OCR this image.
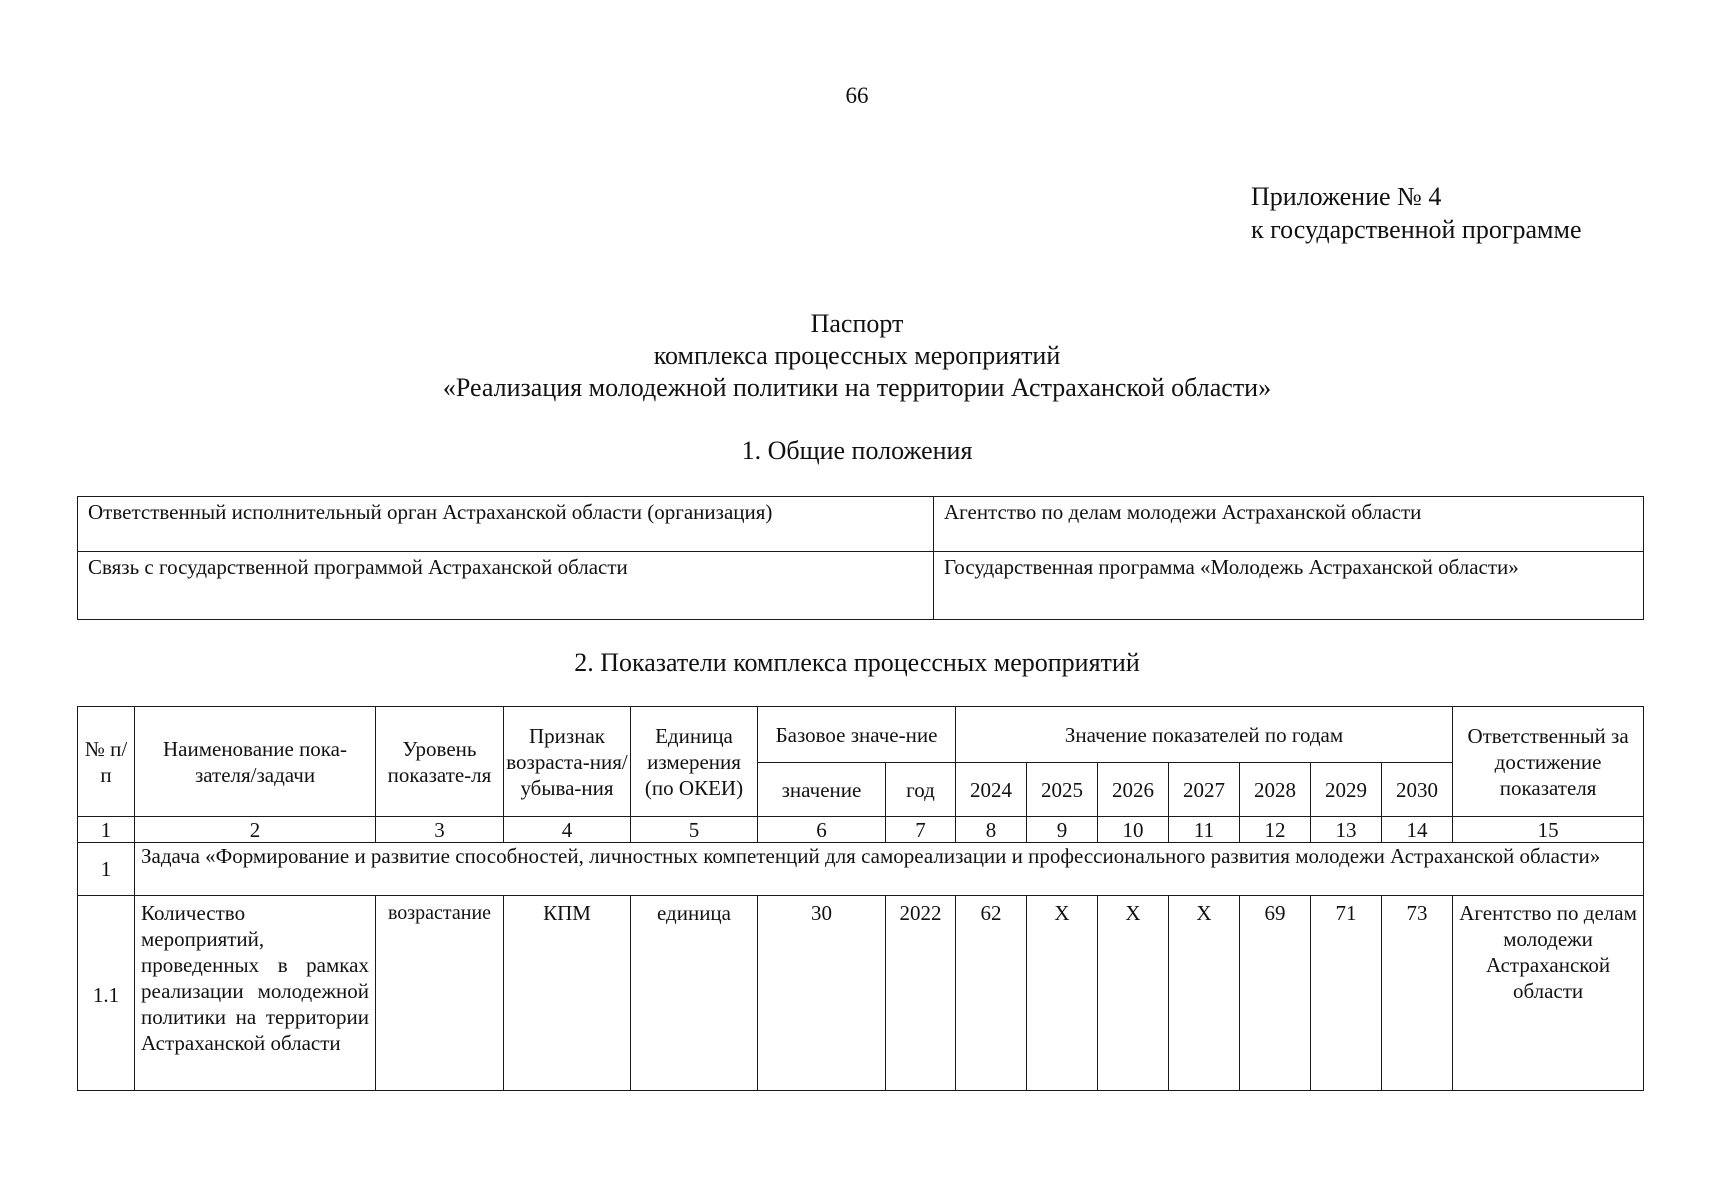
66
Приложение № 4
к государственной программе
Паспорт
комплекса процессных мероприятий
«Реализация молодежной политики на территории Астраханской области»
1. Общие положения
Ответственный исполнительный орган Астраханской области (организация)	Агентство по делам молодежи Астраханской области
Связь с государственной программой Астраханской области	Государственная программа «Молодежь Астраханской области»
2. Показатели комплекса процессных мероприятий
№ п/п	Наименование пока-зателя/задачи	Уровень показате-ля	Признак возраста-ния/ убыва-ния	Единица измерения (по ОКЕИ)	Базовое значе-ние		Значение показателей по годам							Ответственный за достижение показателя
					значение	год	2024	2025	2026	2027	2028	2029	2030	
1	2	3	4	5	6	7	8	9	10	11	12	13	14	15
1	Задача «Формирование и развитие способностей, личностных компетенций для самореализации и профессионального развития молодежи Астраханской области»													
1.1	Количество мероприятий, проведенных в рамках реализации молодежной политики на территории Астраханской области	возрастание	КПМ	единица	30	2022	62	X	X	X	69	71	73	Агентство по делам молодежи Астраханской области
